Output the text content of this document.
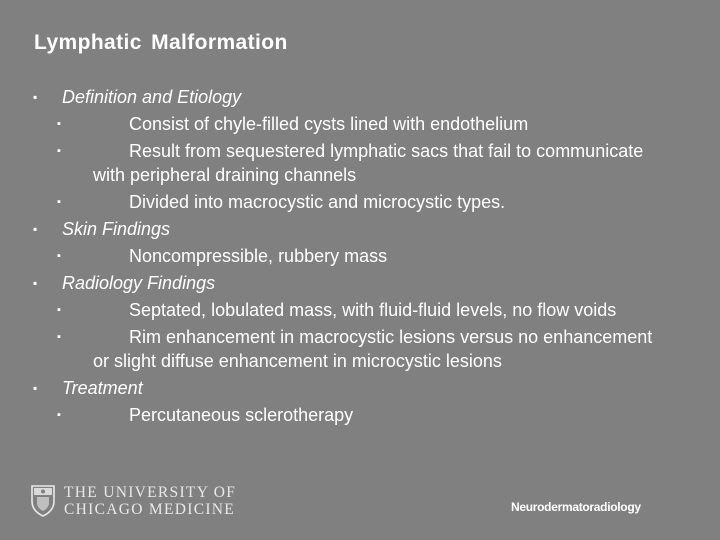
Lymphatic Malformation
▪ Definition and Etiology
▪	Consist of chyle-filled cysts lined with endothelium
▪	Result from sequestered lymphatic sacs that fail to communicate with peripheral draining channels
▪	Divided into macrocystic and microcystic types.
▪ Skin Findings
▪	Noncompressible, rubbery mass
▪ Radiology Findings
▪	Septated, lobulated mass, with fluid-fluid levels, no flow voids
▪	Rim enhancement in macrocystic lesions versus no enhancement or slight diffuse enhancement in microcystic lesions
▪ Treatment
▪	Percutaneous sclerotherapy
THE UNIVERSITY OF
CHICAGO MEDICINE	Neurodermatoradiology
